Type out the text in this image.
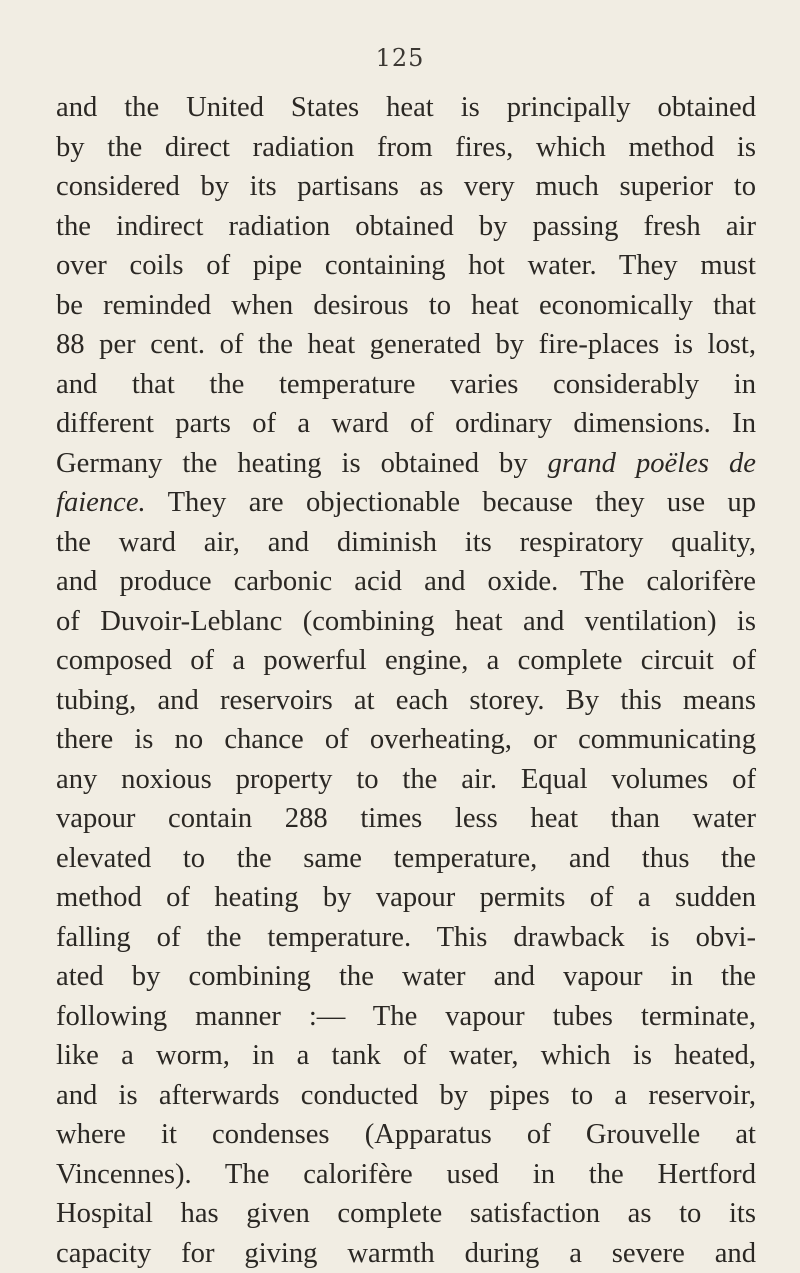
125
and the United States heat is principally obtained
by the direct radiation from fires, which method is
considered by its partisans as very much superior to
the indirect radiation obtained by passing fresh air
over coils of pipe containing hot water. They must
be reminded when desirous to heat economically that
88 per cent. of the heat generated by fire-places is lost,
and that the temperature varies considerably in
different parts of a ward of ordinary dimensions. In
Germany the heating is obtained by grand poëles de
faience. They are objectionable because they use up
the ward air, and diminish its respiratory quality,
and produce carbonic acid and oxide. The calorifère
of Duvoir-Leblanc (combining heat and ventilation) is
composed of a powerful engine, a complete circuit of
tubing, and reservoirs at each storey. By this means
there is no chance of overheating, or communicating
any noxious property to the air. Equal volumes of
vapour contain 288 times less heat than water
elevated to the same temperature, and thus the
method of heating by vapour permits of a sudden
falling of the temperature. This drawback is obvi-
ated by combining the water and vapour in the
following manner :— The vapour tubes terminate,
like a worm, in a tank of water, which is heated,
and is afterwards conducted by pipes to a reservoir,
where it condenses (Apparatus of Grouvelle at
Vincennes). The calorifère used in the Hertford
Hospital has given complete satisfaction as to its
capacity for giving warmth during a severe and
